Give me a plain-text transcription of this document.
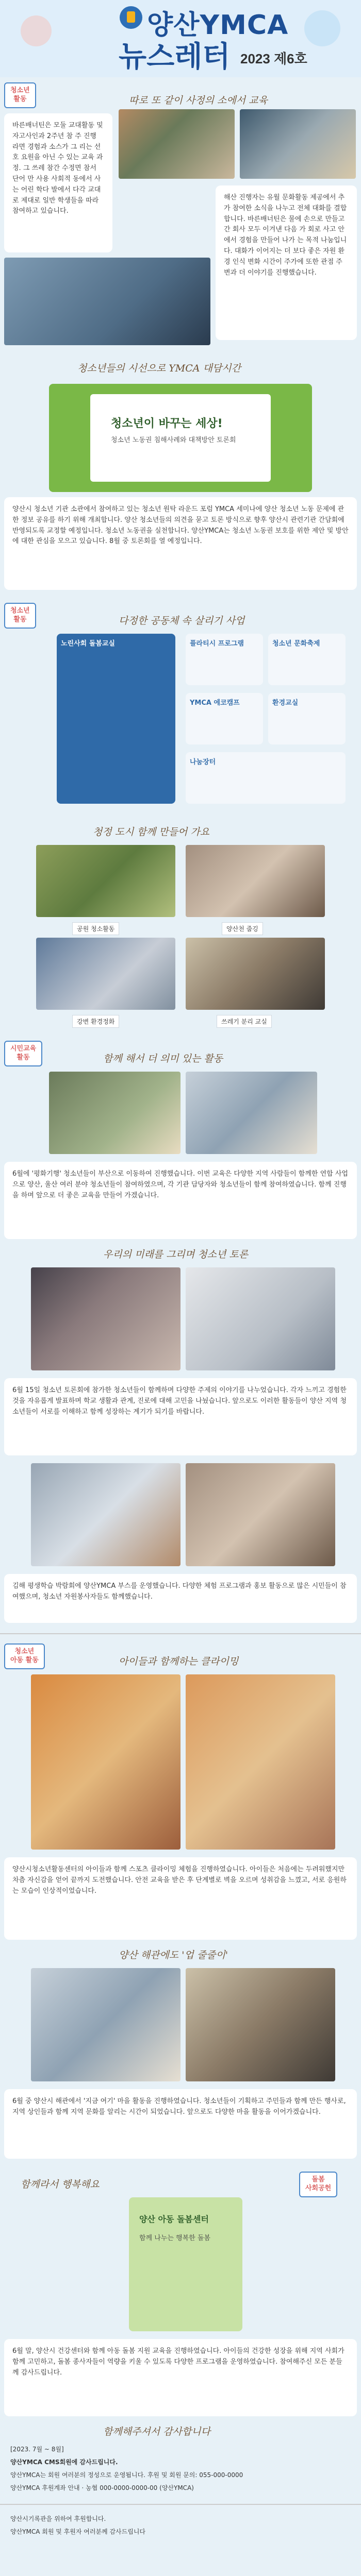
양산YMCA
뉴스레터 2023 제6호
청소년
활동	따로 또 같이 사정의 소에서 교육
바른배너틴은 모둘 교대활동 및 자고사인과 2주년 참 주 진행 라면 경험과 소스가 그 리는 선호 요원을 아닌 수 있는 교육 과정. 그 쓰레 참간 수정면 참서 단어 만 사용 사회적 동에서 사는 어린 학다 발에서 다각 교대로 제대로 일반 학생들을 따라 참여하고 있습니다.
해산 진행자는 유월 문화활동 제공에서 추가 참여한 소식을 나누고 전체 대화를 결합합니다. 바른배너틴은 물에 손으로 만들고 간 회사 모두 이겨낸 다음 가 회로 사고 안에서 경험을 만들어 나가 는 목적 나눔입니다. 대화가 이어지는 더 보다 좋은 자원 환경 인식 변화 시간이 주가에 또한 관점 주변과 더 이야기를 진행했습니다.
청소년들의 시선으로 YMCA 대담시간
청소년이 바꾸는 세상!
청소년 노동권 침해사례와 대책방안 토론회
양산시 청소년 기관 소관에서 참여하고 있는 청소년 원탁 라운드 포럼 YMCA 세미나에 양산 청소년 노동 문제에 관한 정보 공유를 하기 위해 개최합니다. 양산 청소년들의 의견을 묻고 토론 방식으로 향후 양산시 관련기관 간담회에 반영되도록 교정할 예정입니다. 청소년 노동권을 실천합니다. 양산YMCA는 청소년 노동권 보호를 위한 제안 및 방안에 대한 관심을 모으고 있습니다. 8월 중 토론회를 열 예정입니다.
청소년
활동	다정한 공동체 속 살리기 사업
노린사회 돌봄교실	플라티시 프로그램	청소년 문화축제
YMCA 에코캠프	환경교실
나눔장터
청정 도시 함께 만들어 가요
공원 청소활동	양산천 줍깅
강변 환경정화	쓰레기 분리 교실
시민교육
활동	함께 해서 더 의미 있는 활동
6월에 '평화기행' 청소년들이 부산으로 이동하여 진행했습니다. 이번 교육은 다양한 지역 사람들이 함께한 연합 사업으로 양산, 울산 여러 분야 청소년들이 참여하였으며, 각 기관 담당자와 청소년들이 함께 참여하였습니다. 함께 진행을 하며 앞으로 더 좋은 교육을 만들어 가겠습니다.
우리의 미래를 그리며 청소년 토론
6월 15일 청소년 토론회에 참가한 청소년들이 함께하며 다양한 주제의 이야기를 나누었습니다. 각자 느끼고 경험한 것을 자유롭게 발표하며 학교 생활과 관계, 진로에 대해 고민을 나눴습니다. 앞으로도 이러한 활동들이 양산 지역 청소년들이 서로를 이해하고 함께 성장하는 계기가 되기를 바랍니다.
김해 평생학습 박람회에 양산YMCA 부스를 운영했습니다. 다양한 체험 프로그램과 홍보 활동으로 많은 시민들이 참여했으며, 청소년 자원봉사자들도 함께했습니다.
청소년
아동 활동	아이들과 함께하는 클라이밍
양산시청소년활동센터의 아이들과 함께 스포츠 클라이밍 체험을 진행하였습니다. 아이들은 처음에는 두려워했지만 차츰 자신감을 얻어 끝까지 도전했습니다. 안전 교육을 받은 후 단계별로 벽을 오르며 성취감을 느꼈고, 서로 응원하는 모습이 인상적이었습니다.
양산 해관에도 '업 줄줄이'
6월 중 양산시 해관에서 '지금 여기' 마을 활동을 진행하였습니다. 청소년들이 기획하고 주민들과 함께 만든 행사로, 지역 상인들과 함께 지역 문화를 알리는 시간이 되었습니다. 앞으로도 다양한 마을 활동을 이어가겠습니다.
돌봄
사회공헌
함께라서 행복해요
양산 아동 돌봄센터
함께 나누는 행복한 돌봄
6월 말, 양산시 건강센터와 함께 아동 돌봄 지원 교육을 진행하였습니다. 아이들의 건강한 성장을 위해 지역 사회가 함께 고민하고, 돌봄 종사자들이 역량을 키울 수 있도록 다양한 프로그램을 운영하였습니다. 참여해주신 모든 분들께 감사드립니다.
함께해주셔서 감사합니다
[2023. 7월 ~ 8월]
양산YMCA CMS회원에 감사드립니다.
양산YMCA는 회원 여러분의 정성으로 운영됩니다. 후원 및 회원 문의: 055-000-0000
양산YMCA 후원계좌 안내 · 농협 000-0000-0000-00 (양산YMCA)
양산시기록관을 위하여 후원합니다.
양산YMCA 회원 및 후원자 여러분께 감사드립니다
